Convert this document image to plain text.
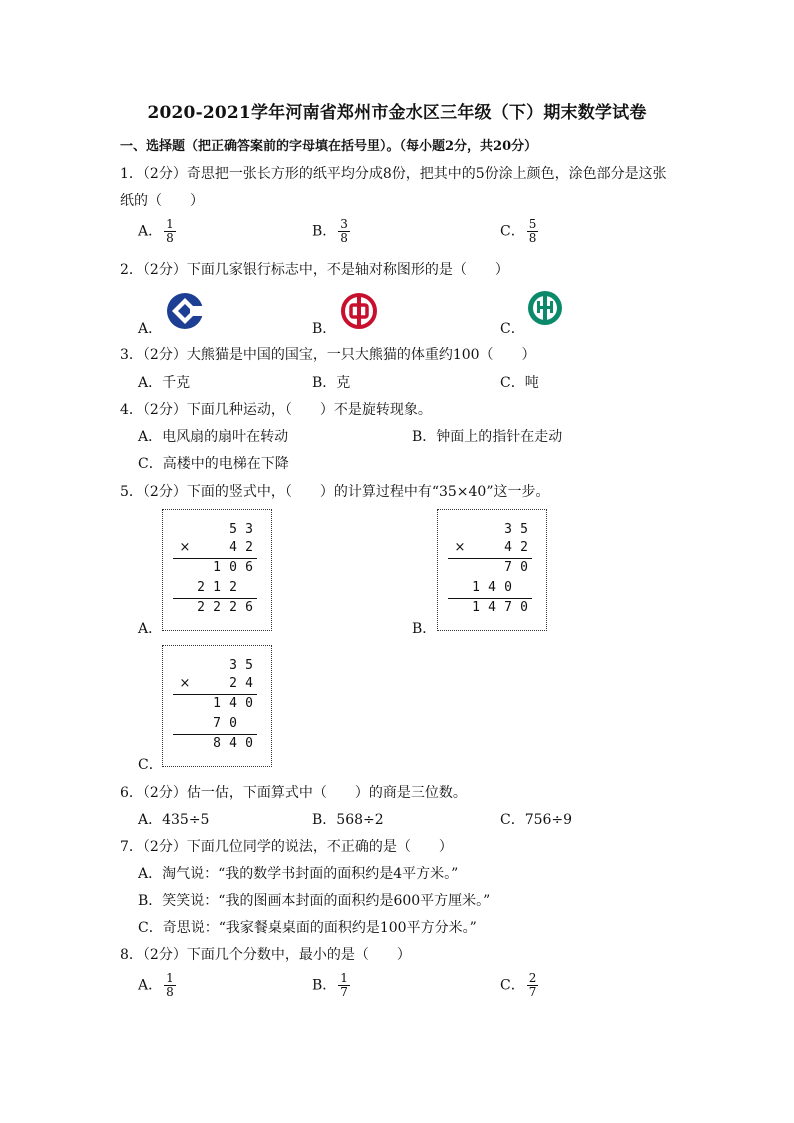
2020-2021学年河南省郑州市金水区三年级（下）期末数学试卷
一、选择题（把正确答案前的字母填在括号里）。（每小题2分，共20分）
1．（2分）奇思把一张长方形的纸平均分成8份，把其中的5份涂上颜色，涂色部分是这张
纸的（　　）
A． $\frac{1}{8}$	B． $\frac{3}{8}$	C． $\frac{5}{8}$
2．（2分）下面几家银行标志中，不是轴对称图形的是（　　）
A．	B．	C．
3．（2分）大熊猫是中国的国宝，一只大熊猫的体重约100（　　）
A．千克	B．克	C．吨
4．（2分）下面几种运动，（　　）不是旋转现象。
A．电风扇的扇叶在转动	B．钟面上的指针在走动
C．高楼中的电梯在下降
5．（2分）下面的竖式中，（　　）的计算过程中有“35×40”这一步。
5 3
×	4 2
1 0 6
2 1 2
2 2 2 6
A．
3 5
×	4 2
7 0
1 4 0
1 4 7 0
B．
3 5
×	2 4
1 4 0
7 0
8 4 0
C．
6．（2分）估一估，下面算式中（　　）的商是三位数。
A．435÷5	B．568÷2	C．756÷9
7．（2分）下面几位同学的说法，不正确的是（　　）
A．淘气说：“我的数学书封面的面积约是4平方米。”
B．笑笑说：“我的图画本封面的面积约是600平方厘米。”
C．奇思说：“我家餐桌桌面的面积约是100平方分米。”
8．（2分）下面几个分数中，最小的是（　　）
A． $\frac{1}{8}$	B． $\frac{1}{7}$	C． $\frac{2}{7}$
